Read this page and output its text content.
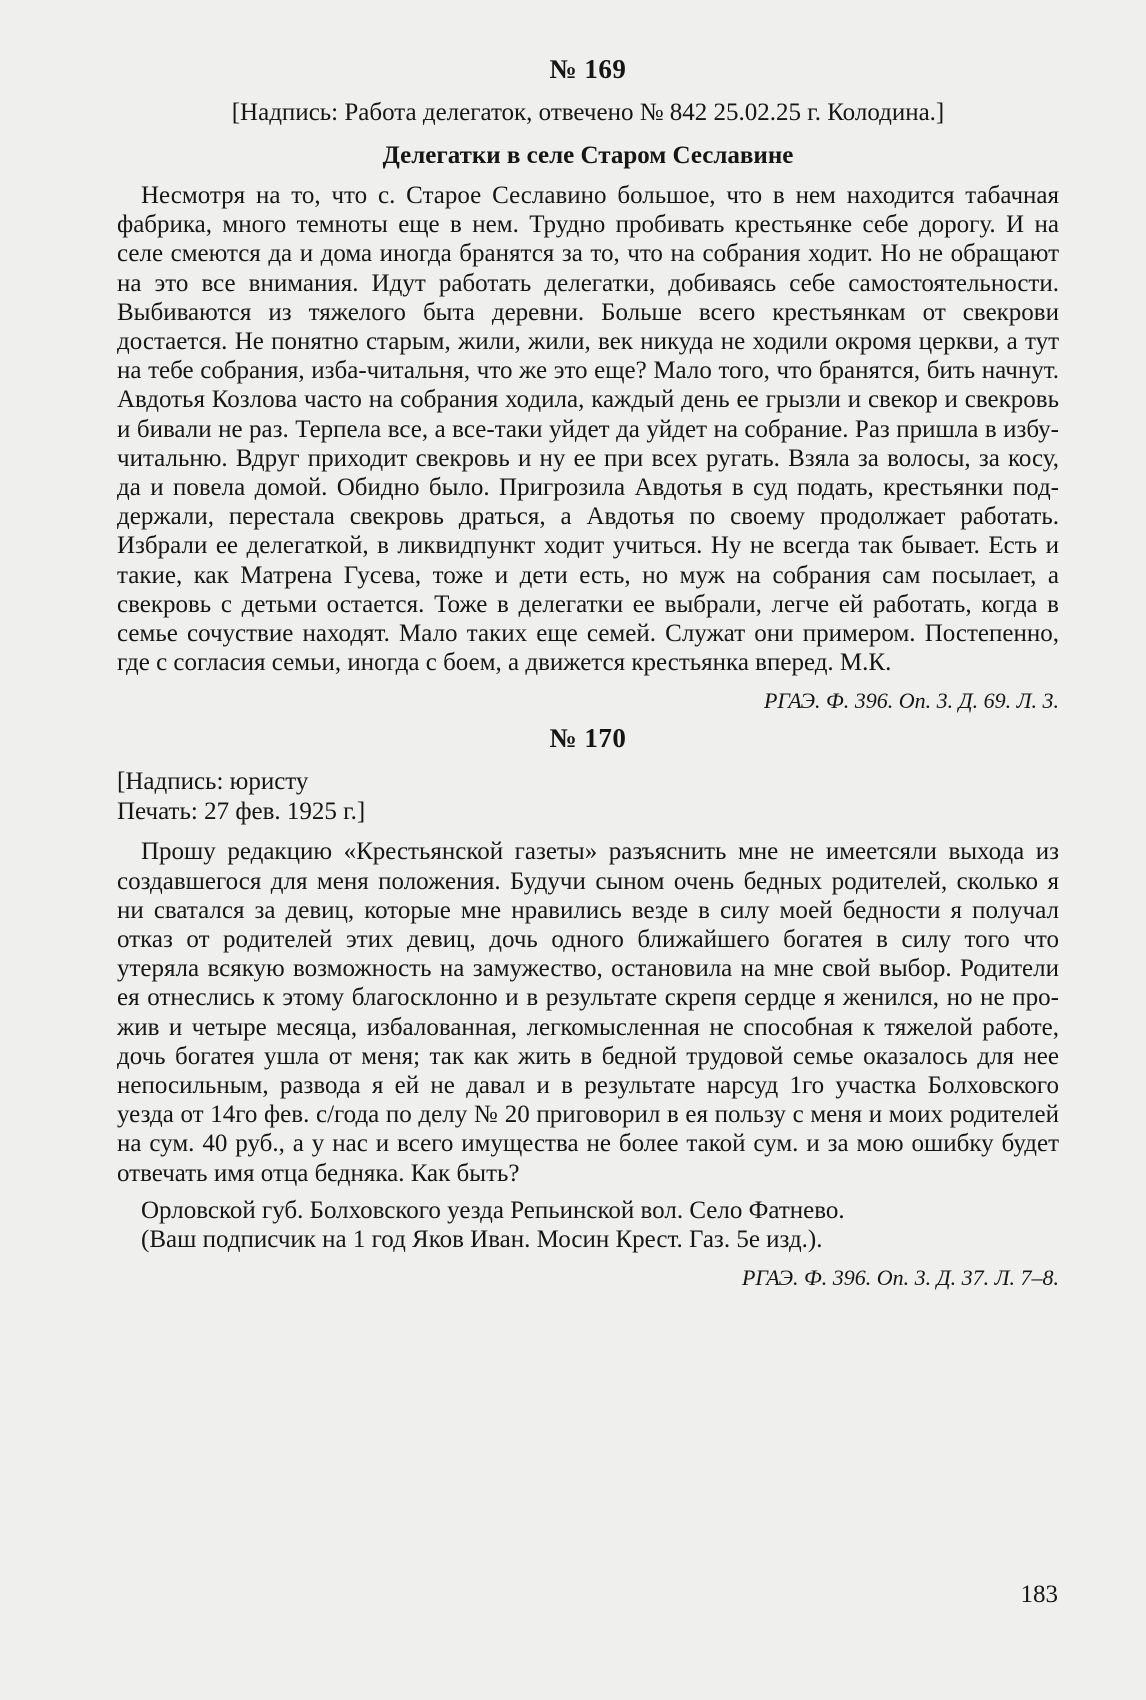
№ 169

[Надпись: Работа делегаток, отвечено № 842 25.02.25 г. Колодина.]

Делегатки в селе Старом Сеславине

Несмотря на то, что с. Старое Сеславино большое, что в нем находится табачная фабрика, много темноты еще в нем. Трудно пробивать крестьянке себе дорогу. И на селе смеются да и дома иногда бранятся за то, что на собрания ходит. Но не обращают на это все внимания. Идут работать делегатки, добиваясь себе самостоятельности. Выбиваются из тяжелого быта деревни. Больше всего крестьянкам от свекрови достается. Не понятно старым, жили, жили, век никуда не ходили окромя церкви, а тут на тебе собрания, изба-читальня, что же это еще? Мало того, что бранятся, бить начнут. Авдотья Козлова часто на собрания ходила, каждый день ее грызли и свекор и свекровь и бивали не раз. Терпела все, а все-таки уйдет да уйдет на собрание. Раз пришла в избу-читальню. Вдруг приходит свекровь и ну ее при всех ругать. Взяла за волосы, за косу, да и повела домой. Обидно было. Пригрозила Авдотья в суд подать, крестьянки поддержали, перестала свекровь драться, а Авдотья по своему продолжает работать. Избрали ее делегаткой, в ликвидпункт ходит учиться. Ну не всегда так бывает. Есть и такие, как Матрена Гусева, тоже и дети есть, но муж на собрания сам посылает, а свекровь с детьми остается. Тоже в делегатки ее выбрали, легче ей работать, когда в семье сочуствие находят. Мало таких еще семей. Служат они примером. Постепенно, где с согласия семьи, иногда с боем, а движется крестьянка вперед. М.К.

РГАЭ. Ф. 396. Оп. 3. Д. 69. Л. 3.
№ 170

[Надпись: юристу

Печать: 27 фев. 1925 г.]

Прошу редакцию «Крестьянской газеты» разъяснить мне не имеетсяли выхода из создавшегося для меня положения. Будучи сыном очень бедных родителей, сколько я ни сватался за девиц, которые мне нравились везде в силу моей бедности я получал отказ от родителей этих девиц, дочь одного ближайшего богатея в силу того что утеряла всякую возможность на замужество, остановила на мне свой выбор. Родители ея отнеслись к этому благосклонно и в результате скрепя сердце я женился, но не прожив и четыре месяца, избалованная, легкомысленная не способная к тяжелой работе, дочь богатея ушла от меня; так как жить в бедной трудовой семье оказалось для нее непосильным, развода я ей не давал и в результате нарсуд 1го участка Болховского уезда от 14го фев. с/года по делу № 20 приговорил в ея пользу с меня и моих родителей на сум. 40 руб., а у нас и всего имущества не более такой сум. и за мою ошибку будет отвечать имя отца бедняка. Как быть?

Орловской губ. Болховского уезда Репьинской вол. Село Фатнево.

(Ваш подписчик на 1 год Яков Иван. Мосин Крест. Газ. 5е изд.).

РГАЭ. Ф. 396. Оп. 3. Д. 37. Л. 7–8.
183
